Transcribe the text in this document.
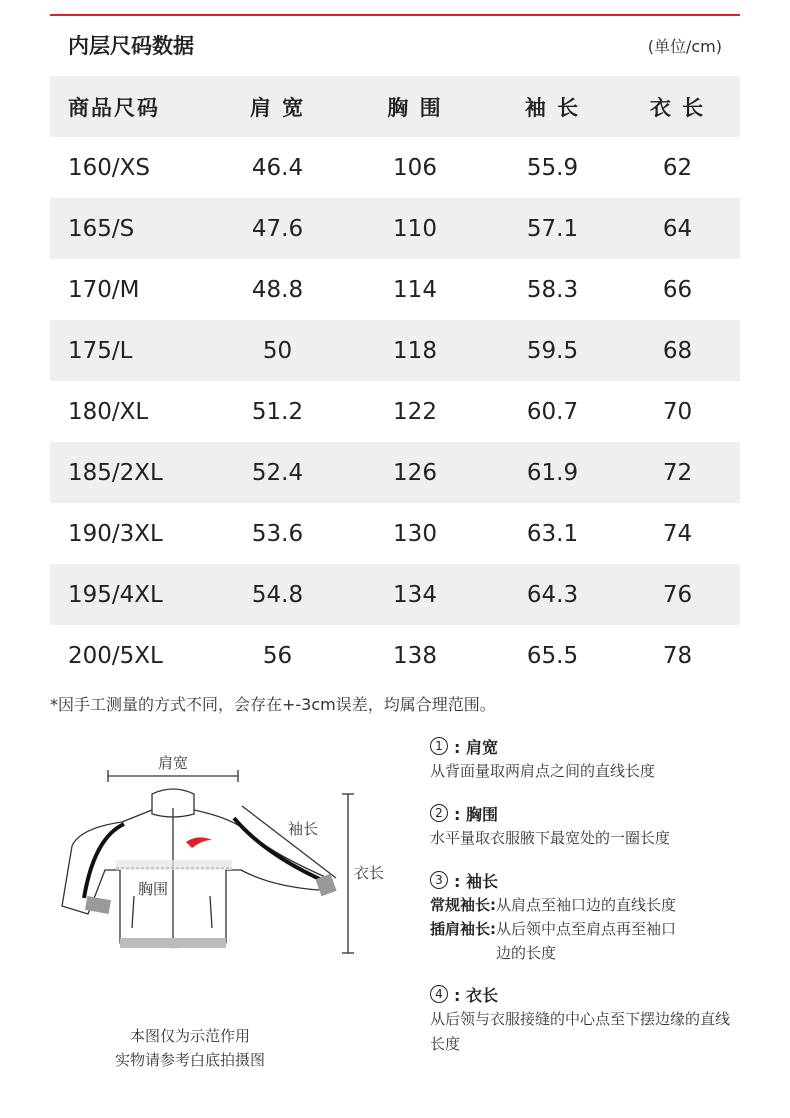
内层尺码数据	(单位/cm)
商品尺码	肩 宽	胸 围	袖 长	衣 长
160/XS	46.4	106	55.9	62
165/S	47.6	110	57.1	64
170/M	48.8	114	58.3	66
175/L	50	118	59.5	68
180/XL	51.2	122	60.7	70
185/2XL	52.4	126	61.9	72
190/3XL	53.6	130	63.1	74
195/4XL	54.8	134	64.3	76
200/5XL	56	138	65.5	78
*因手工测量的方式不同，会存在+-3cm误差，均属合理范围。
肩宽
袖长
胸围
衣长
本图仅为示范作用
实物请参考白底拍摄图
1 : 肩宽
从背面量取两肩点之间的直线长度
2 : 胸围
水平量取衣服腋下最宽处的一圈长度
3 : 袖长
常规袖长: 从肩点至袖口边的直线长度
插肩袖长: 从后领中点至肩点再至袖口
边的长度
4 : 衣长
从后领与衣服接缝的中心点至下摆边缘的直线长度
